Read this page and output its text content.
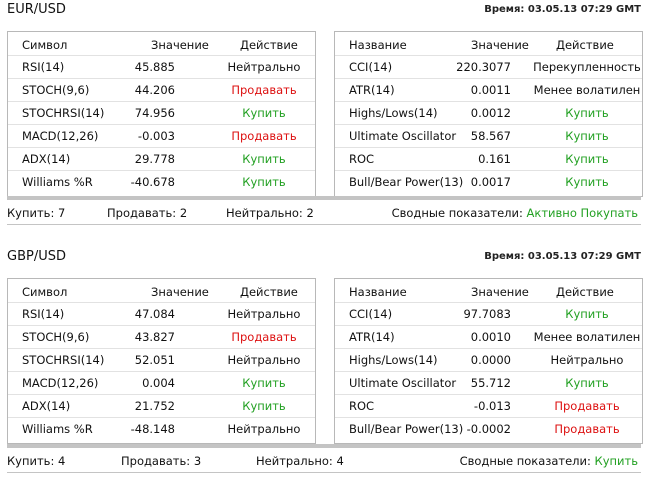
EUR/USD	Время: 03.05.13 07:29 GMT
Символ	Значение	Действие
RSI(14)	45.885	Нейтрально
STOCH(9,6)	44.206	Продавать
STOCHRSI(14)	74.956	Купить
MACD(12,26)	-0.003	Продавать
ADX(14)	29.778	Купить
Williams %R	-40.678	Купить
Название	Значение Действие
CCI(14)	220.3077 Перекупленность
ATR(14)	0.0011 Менее волатилен
Highs/Lows(14)	0.0012	Купить
Ultimate Oscillator 58.567	Купить
ROC	0.161	Купить
Bull/Bear Power(13) 0.0017	Купить
Купить: 7	Продавать: 2	Нейтрально: 2	Сводные показатели: Активно Покупать
GBP/USD	Время: 03.05.13 07:29 GMT
Символ	Значение	Действие
RSI(14)	47.084	Нейтрально
STOCH(9,6)	43.827	Продавать
STOCHRSI(14)	52.051	Нейтрально
MACD(12,26)	0.004	Купить
ADX(14)	21.752	Купить
Williams %R	-48.148	Нейтрально
Название	Значение Действие
CCI(14)	97.7083	Купить
ATR(14)	0.0010 Менее волатилен
Highs/Lows(14)	0.0000	Нейтрально
Ultimate Oscillator 55.712	Купить
ROC	-0.013	Продавать
Bull/Bear Power(13) -0.0002	Продавать
Купить: 4	Продавать: 3	Нейтрально: 4	Сводные показатели: Купить
